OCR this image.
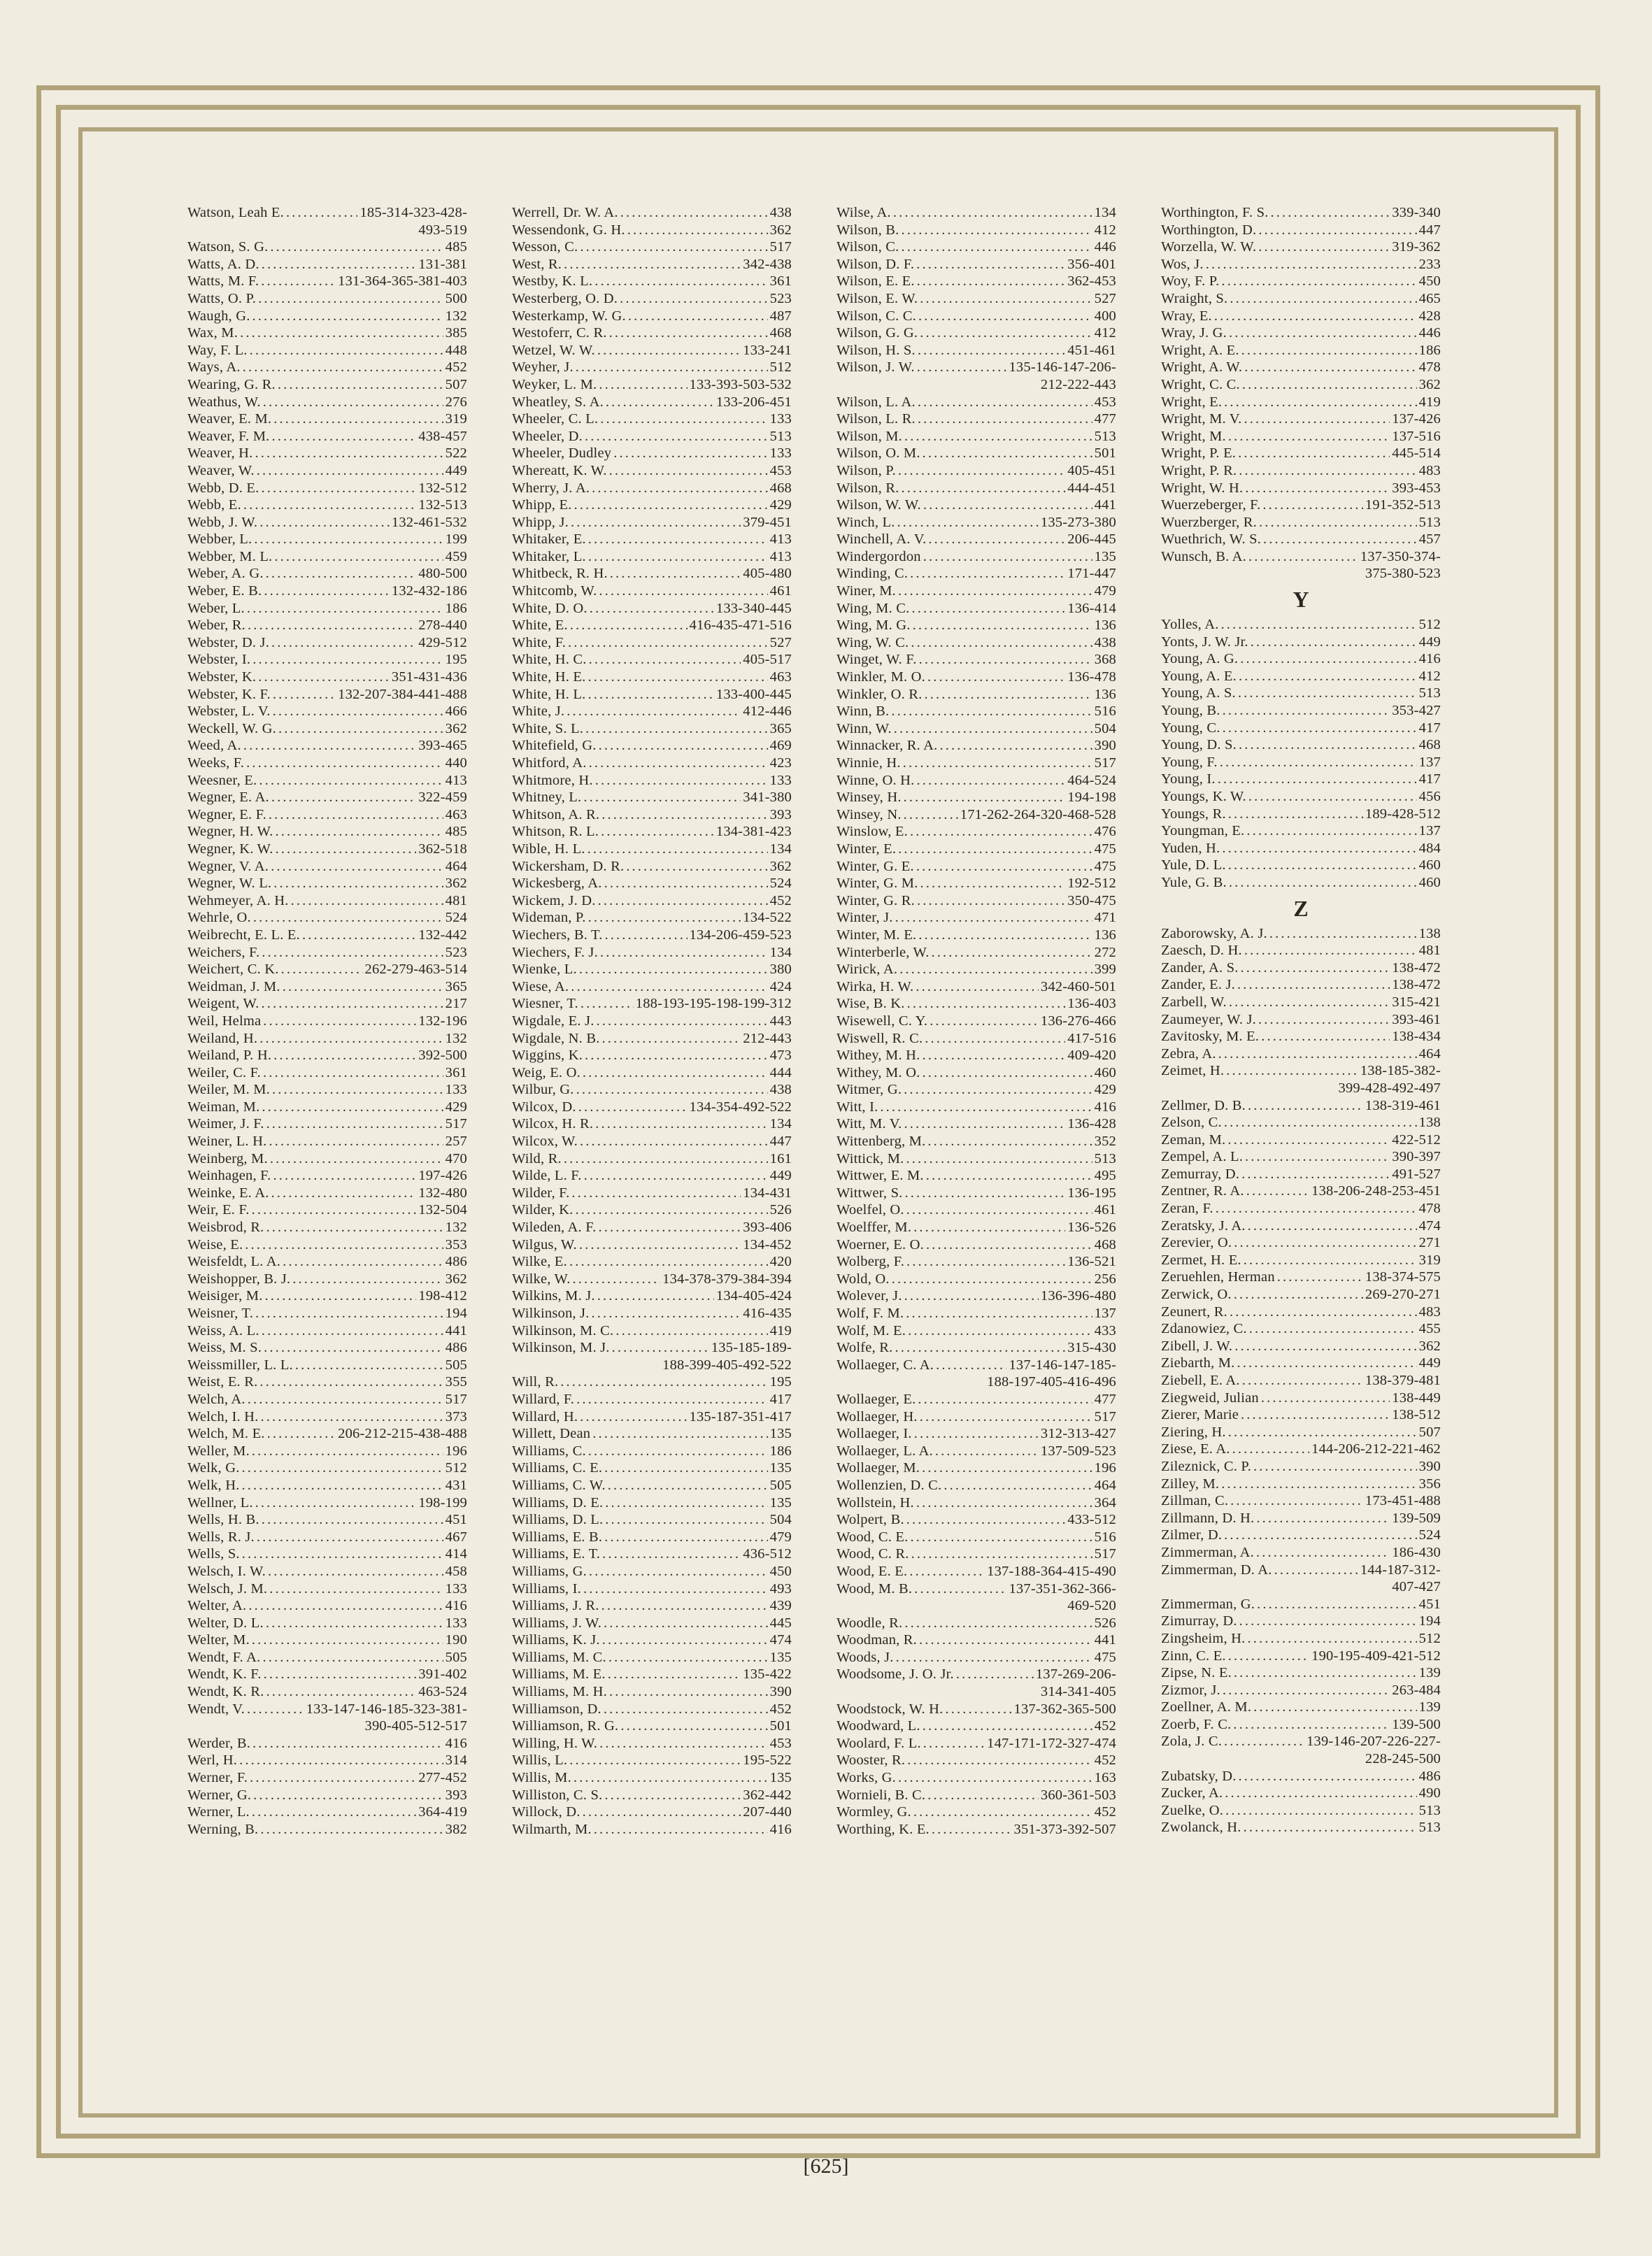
Watson, Leah E. . . .	185-314-323-428-
493-519
Watson, S. G. . . .	485
Watts, A. D. . . .	131-381
Watts, M. F. . . .	131-364-365-381-403
Watts, O. P. . . .	500
Waugh, G. . . .	132
Wax, M. . . .	385
Way, F. L. . . .	448
Ways, A. . . .	452
Wearing, G. R. . . .	507
Weathus, W. . . .	276
Weaver, E. M. . . .	319
Weaver, F. M. . . .	438-457
Weaver, H. . . .	522
Weaver, W. . . .	449
Webb, D. E. . . .	132-512
Webb, E. . . .	132-513
Webb, J. W. . . .	132-461-532
Webber, L. . . .	199
Webber, M. L. . . .	459
Weber, A. G. . . .	480-500
Weber, E. B. . . .	132-432-186
Weber, L. . . .	186
Weber, R. . . .	278-440
Webster, D. J. . . .	429-512
Webster, I. . . .	195
Webster, K. . . .	351-431-436
Webster, K. F. . . .	132-207-384-441-488
Webster, L. V. . . .	466
Weckell, W. G. . . .	362
Weed, A. . . .	393-465
Weeks, F. . . .	440
Weesner, E. . . .	413
Wegner, E. A. . . .	322-459
Wegner, E. F. . . .	463
Wegner, H. W. . . .	485
Wegner, K. W. . . .	362-518
Wegner, V. A. . . .	464
Wegner, W. L. . . .	362
Wehmeyer, A. H. . . .	481
Wehrle, O. . . .	524
Weibrecht, E. L. E. . . .	132-442
Weichers, F. . . .	523
Weichert, C. K. . . .	262-279-463-514
Weidman, J. M. . . .	365
Weigent, W. . . .	217
Weil, Helma . . .	132-196
Weiland, H. . . .	132
Weiland, P. H. . . .	392-500
Weiler, C. F. . . .	361
Weiler, M. M. . . .	133
Weiman, M. . . .	429
Weimer, J. F. . . .	517
Weiner, L. H. . . .	257
Weinberg, M. . . .	470
Weinhagen, F. . . .	197-426
Weinke, E. A. . . .	132-480
Weir, E. F. . . .	132-504
Weisbrod, R. . . .	132
Weise, E. . . .	353
Weisfeldt, L. A. . . .	486
Weishopper, B. J. . . .	362
Weisiger, M. . . .	198-412
Weisner, T. . . .	194
Weiss, A. L. . . .	441
Weiss, M. S. . . .	486
Weissmiller, L. L. . . .	505
Weist, E. R. . . .	355
Welch, A. . . .	517
Welch, I. H. . . .	373
Welch, M. E. . . .	206-212-215-438-488
Weller, M. . . .	196
Welk, G. . . .	512
Welk, H. . . .	431
Wellner, L. . . .	198-199
Wells, H. B. . . .	451
Wells, R. J. . . .	467
Wells, S. . . .	414
Welsch, I. W. . . .	458
Welsch, J. M. . . .	133
Welter, A. . . .	416
Welter, D. L. . . .	133
Welter, M. . . .	190
Wendt, F. A. . . .	505
Wendt, K. F. . . .	391-402
Wendt, K. R. . . .	463-524
Wendt, V. . . .	133-147-146-185-323-381-
390-405-512-517
Werder, B. . . .	416
Werl, H. . . .	314
Werner, F. . . .	277-452
Werner, G. . . .	393
Werner, L. . . .	364-419
Werning, B. . . .	382
Werrell, Dr. W. A. . . .	438
Wessendonk, G. H. . . .	362
Wesson, C. . . .	517
West, R. . . .	342-438
Westby, K. L. . . .	361
Westerberg, O. D. . . .	523
Westerkamp, W. G. . . .	487
Westoferr, C. R. . . .	468
Wetzel, W. W. . . .	133-241
Weyher, J. . . .	512
Weyker, L. M. . . .	133-393-503-532
Wheatley, S. A. . . .	133-206-451
Wheeler, C. L. . . .	133
Wheeler, D. . . .	513
Wheeler, Dudley . . .	133
Whereatt, K. W. . . .	453
Wherry, J. A. . . .	468
Whipp, E. . . .	429
Whipp, J. . . .	379-451
Whitaker, E. . . .	413
Whitaker, L. . . .	413
Whitbeck, R. H. . . .	405-480
Whitcomb, W. . . .	461
White, D. O. . . .	133-340-445
White, E. . . .	416-435-471-516
White, F. . . .	527
White, H. C. . . .	405-517
White, H. E. . . .	463
White, H. L. . . .	133-400-445
White, J. . . .	412-446
White, S. L. . . .	365
Whitefield, G. . . .	469
Whitford, A. . . .	423
Whitmore, H. . . .	133
Whitney, L. . . .	341-380
Whitson, A. R. . . .	393
Whitson, R. L. . . .	134-381-423
Wible, H. L. . . .	134
Wickersham, D. R. . . .	362
Wickesberg, A. . . .	524
Wickem, J. D. . . .	452
Wideman, P. . . .	134-522
Wiechers, B. T. . . .	134-206-459-523
Wiechers, F. J. . . .	134
Wienke, L. . . .	380
Wiese, A. . . .	424
Wiesner, T. . . .	188-193-195-198-199-312
Wigdale, E. J. . . .	443
Wigdale, N. B. . . .	212-443
Wiggins, K. . . .	473
Weig, E. O. . . .	444
Wilbur, G. . . .	438
Wilcox, D. . . .	134-354-492-522
Wilcox, H. R. . . .	134
Wilcox, W. . . .	447
Wild, R. . . .	161
Wilde, L. F. . . .	449
Wilder, F. . . .	134-431
Wilder, K. . . .	526
Wileden, A. F. . . .	393-406
Wilgus, W. . . .	134-452
Wilke, E. . . .	420
Wilke, W. . . .	134-378-379-384-394
Wilkins, M. J. . . .	134-405-424
Wilkinson, J. . . .	416-435
Wilkinson, M. C. . . .	419
Wilkinson, M. J. . . .	135-185-189-
188-399-405-492-522
Will, R. . . .	195
Willard, F. . . .	417
Willard, H. . . .	135-187-351-417
Willett, Dean . . .	135
Williams, C. . . .	186
Williams, C. E. . . .	135
Williams, C. W. . . .	505
Williams, D. E. . . .	135
Williams, D. L. . . .	504
Williams, E. B. . . .	479
Williams, E. T. . . .	436-512
Williams, G. . . .	450
Williams, I. . . .	493
Williams, J. R. . . .	439
Williams, J. W. . . .	445
Williams, K. J. . . .	474
Williams, M. C. . . .	135
Williams, M. E. . . .	135-422
Williams, M. H. . . .	390
Williamson, D. . . .	452
Williamson, R. G. . . .	501
Willing, H. W. . . .	453
Willis, L. . . .	195-522
Willis, M. . . .	135
Williston, C. S. . . .	362-442
Willock, D. . . .	207-440
Wilmarth, M. . . .	416
Wilse, A. . . .	134
Wilson, B. . . .	412
Wilson, C. . . .	446
Wilson, D. F. . . .	356-401
Wilson, E. E. . . .	362-453
Wilson, E. W. . . .	527
Wilson, C. C. . . .	400
Wilson, G. G. . . .	412
Wilson, H. S. . . .	451-461
Wilson, J. W. . . .	135-146-147-206-
212-222-443
Wilson, L. A. . . .	453
Wilson, L. R. . . .	477
Wilson, M. . . .	513
Wilson, O. M. . . .	501
Wilson, P. . . .	405-451
Wilson, R. . . .	444-451
Wilson, W. W. . . .	441
Winch, L. . . .	135-273-380
Winchell, A. V. . . .	206-445
Windergordon . . .	135
Winding, C. . . .	171-447
Winer, M. . . .	479
Wing, M. C. . . .	136-414
Wing, M. G. . . .	136
Wing, W. C. . . .	438
Winget, W. F. . . .	368
Winkler, M. O. . . .	136-478
Winkler, O. R. . . .	136
Winn, B. . . .	516
Winn, W. . . .	504
Winnacker, R. A. . . .	390
Winnie, H. . . .	517
Winne, O. H. . . .	464-524
Winsey, H. . . .	194-198
Winsey, N. . . .	171-262-264-320-468-528
Winslow, E. . . .	476
Winter, E. . . .	475
Winter, G. E. . . .	475
Winter, G. M. . . .	192-512
Winter, G. R. . . .	350-475
Winter, J. . . .	471
Winter, M. E. . . .	136
Winterberle, W. . . .	272
Wirick, A. . . .	399
Wirka, H. W. . . .	342-460-501
Wise, B. K. . . .	136-403
Wisewell, C. Y. . . .	136-276-466
Wiswell, R. C. . . .	417-516
Withey, M. H. . . .	409-420
Withey, M. O. . . .	460
Witmer, G. . . .	429
Witt, I. . . .	416
Witt, M. V. . . .	136-428
Wittenberg, M. . . .	352
Wittick, M. . . .	513
Wittwer, E. M. . . .	495
Wittwer, S. . . .	136-195
Woelfel, O. . . .	461
Woelffer, M. . . .	136-526
Woerner, E. O. . . .	468
Wolberg, F. . . .	136-521
Wold, O. . . .	256
Wolever, J. . . .	136-396-480
Wolf, F. M. . . .	137
Wolf, M. E. . . .	433
Wolfe, R. . . .	315-430
Wollaeger, C. A. . . .	137-146-147-185-
188-197-405-416-496
Wollaeger, E. . . .	477
Wollaeger, H. . . .	517
Wollaeger, I. . . .	312-313-427
Wollaeger, L. A. . . .	137-509-523
Wollaeger, M. . . .	196
Wollenzien, D. C. . . .	464
Wollstein, H. . . .	364
Wolpert, B. . . .	433-512
Wood, C. E. . . .	516
Wood, C. R. . . .	517
Wood, E. E. . . .	137-188-364-415-490
Wood, M. B. . . .	137-351-362-366-
469-520
Woodle, R. . . .	526
Woodman, R. . . .	441
Woods, J. . . .	475
Woodsome, J. O. Jr. . . .	137-269-206-
314-341-405
Woodstock, W. H. . . .	137-362-365-500
Woodward, L. . . .	452
Woolard, F. L. . . .	147-171-172-327-474
Wooster, R. . . .	452
Works, G. . . .	163
Wornieli, B. C. . . .	360-361-503
Wormley, G. . . .	452
Worthing, K. E. . . .	351-373-392-507
Worthington, F. S. . . .	339-340
Worthington, D. . . .	447
Worzella, W. W. . . .	319-362
Wos, J. . . .	233
Woy, F. P. . . .	450
Wraight, S. . . .	465
Wray, E. . . .	428
Wray, J. G. . . .	446
Wright, A. E. . . .	186
Wright, A. W. . . .	478
Wright, C. C. . . .	362
Wright, E. . . .	419
Wright, M. V. . . .	137-426
Wright, M. . . .	137-516
Wright, P. E. . . .	445-514
Wright, P. R. . . .	483
Wright, W. H. . . .	393-453
Wuerzeberger, F. . . .	191-352-513
Wuerzberger, R. . . .	513
Wuethrich, W. S. . . .	457
Wunsch, B. A. . . .	137-350-374-
375-380-523
Y
Yolles, A. . . .	512
Yonts, J. W. Jr. . . .	449
Young, A. G. . . .	416
Young, A. E. . . .	412
Young, A. S. . . .	513
Young, B. . . .	353-427
Young, C. . . .	417
Young, D. S. . . .	468
Young, F. . . .	137
Young, I. . . .	417
Youngs, K. W. . . .	456
Youngs, R. . . .	189-428-512
Youngman, E. . . .	137
Yuden, H. . . .	484
Yule, D. L. . . .	460
Yule, G. B. . . .	460
Z
Zaborowsky, A. J. . . .	138
Zaesch, D. H. . . .	481
Zander, A. S. . . .	138-472
Zander, E. J. . . .	138-472
Zarbell, W. . . .	315-421
Zaumeyer, W. J. . . .	393-461
Zavitosky, M. E. . . .	138-434
Zebra, A. . . .	464
Zeimet, H. . . .	138-185-382-
399-428-492-497
Zellmer, D. B. . . .	138-319-461
Zelson, C. . . .	138
Zeman, M. . . .	422-512
Zempel, A. L. . . .	390-397
Zemurray, D. . . .	491-527
Zentner, R. A. . . .	138-206-248-253-451
Zeran, F. . . .	478
Zeratsky, J. A. . . .	474
Zerevier, O. . . .	271
Zermet, H. E. . . .	319
Zeruehlen, Herman . . .	138-374-575
Zerwick, O. . . .	269-270-271
Zeunert, R. . . .	483
Zdanowiez, C. . . .	455
Zibell, J. W. . . .	362
Ziebarth, M. . . .	449
Ziebell, E. A. . . .	138-379-481
Ziegweid, Julian . . .	138-449
Zierer, Marie . . .	138-512
Ziering, H. . . .	507
Ziese, E. A. . . .	144-206-212-221-462
Zileznick, C. P. . . .	390
Zilley, M. . . .	356
Zillman, C. . . .	173-451-488
Zillmann, D. H. . . .	139-509
Zilmer, D. . . .	524
Zimmerman, A. . . .	186-430
Zimmerman, D. A. . . .	144-187-312-
407-427
Zimmerman, G. . . .	451
Zimurray, D. . . .	194
Zingsheim, H. . . .	512
Zinn, C. E. . . .	190-195-409-421-512
Zipse, N. E. . . .	139
Zizmor, J. . . .	263-484
Zoellner, A. M. . . .	139
Zoerb, F. C. . . .	139-500
Zola, J. C. . . .	139-146-207-226-227-
228-245-500
Zubatsky, D. . . .	486
Zucker, A. . . .	490
Zuelke, O. . . .	513
Zwolanck, H. . . .	513
[625]
